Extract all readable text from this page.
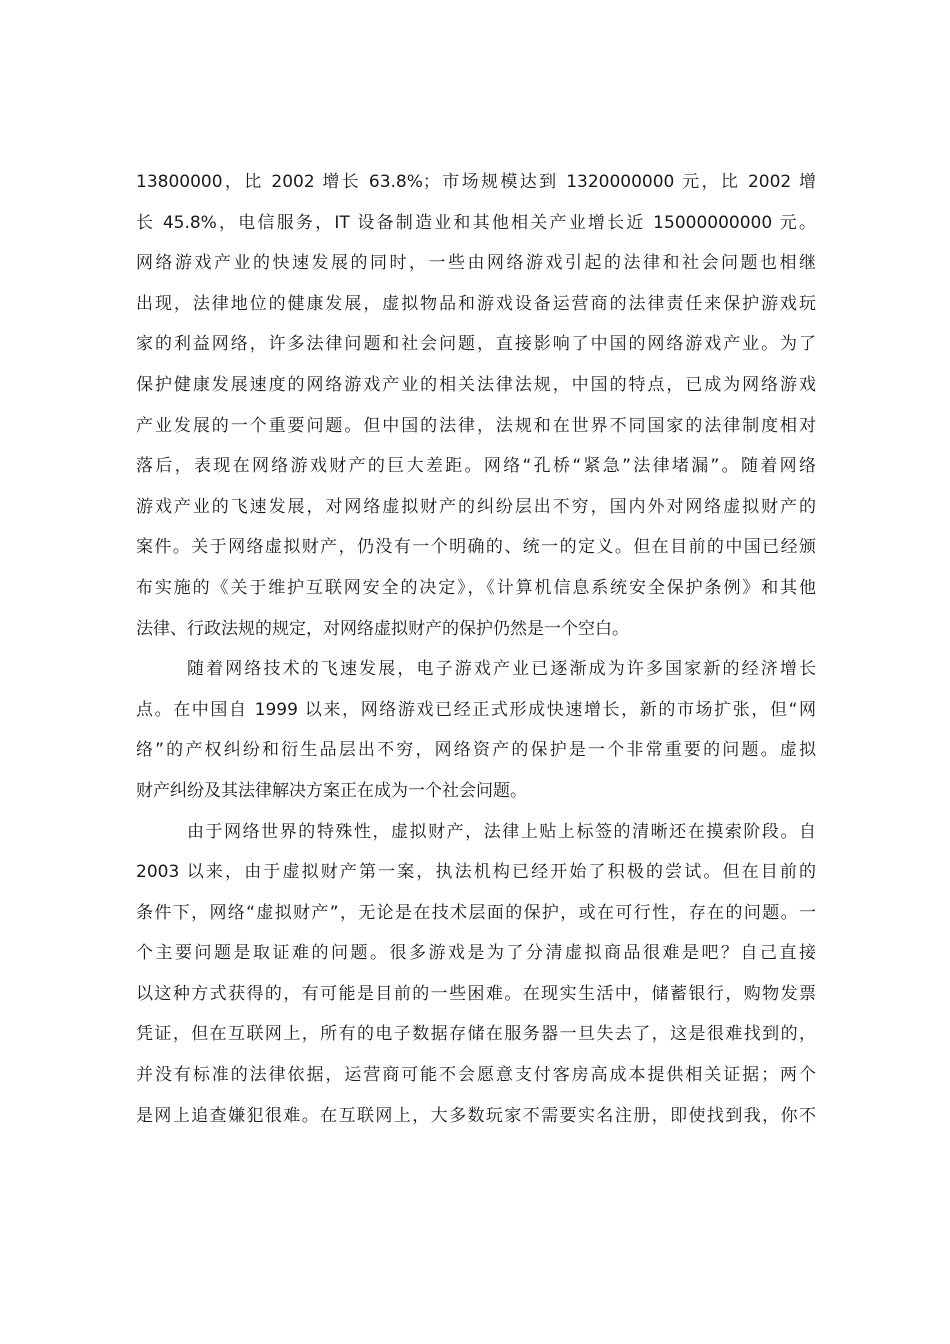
13800000，比 2002 增长 63.8%；市场规模达到 1320000000 元，比 2002 增
长 45.8%，电信服务，IT 设备制造业和其他相关产业增长近 15000000000 元。
网络游戏产业的快速发展的同时，一些由网络游戏引起的法律和社会问题也相继
出现，法律地位的健康发展，虚拟物品和游戏设备运营商的法律责任来保护游戏玩
家的利益网络，许多法律问题和社会问题，直接影响了中国的网络游戏产业。为了
保护健康发展速度的网络游戏产业的相关法律法规，中国的特点，已成为网络游戏
产业发展的一个重要问题。但中国的法律，法规和在世界不同国家的法律制度相对
落后，表现在网络游戏财产的巨大差距。网络“孔桥“紧急”法律堵漏”。随着网络
游戏产业的飞速发展，对网络虚拟财产的纠纷层出不穷，国内外对网络虚拟财产的
案件。关于网络虚拟财产，仍没有一个明确的、统一的定义。但在目前的中国已经颁
布实施的《关于维护互联网安全的决定》，《计算机信息系统安全保护条例》和其他
法律、行政法规的规定，对网络虚拟财产的保护仍然是一个空白。
随着网络技术的飞速发展，电子游戏产业已逐渐成为许多国家新的经济增长
点。在中国自 1999 以来，网络游戏已经正式形成快速增长，新的市场扩张，但“网
络”的产权纠纷和衍生品层出不穷，网络资产的保护是一个非常重要的问题。虚拟
财产纠纷及其法律解决方案正在成为一个社会问题。
由于网络世界的特殊性，虚拟财产，法律上贴上标签的清晰还在摸索阶段。自
2003 以来，由于虚拟财产第一案，执法机构已经开始了积极的尝试。但在目前的
条件下，网络“虚拟财产”，无论是在技术层面的保护，或在可行性，存在的问题。一
个主要问题是取证难的问题。很多游戏是为了分清虚拟商品很难是吧？自己直接
以这种方式获得的，有可能是目前的一些困难。在现实生活中，储蓄银行，购物发票
凭证，但在互联网上，所有的电子数据存储在服务器一旦失去了，这是很难找到的，
并没有标准的法律依据，运营商可能不会愿意支付客房高成本提供相关证据；两个
是网上追查嫌犯很难。在互联网上，大多数玩家不需要实名注册，即使找到我，你不
